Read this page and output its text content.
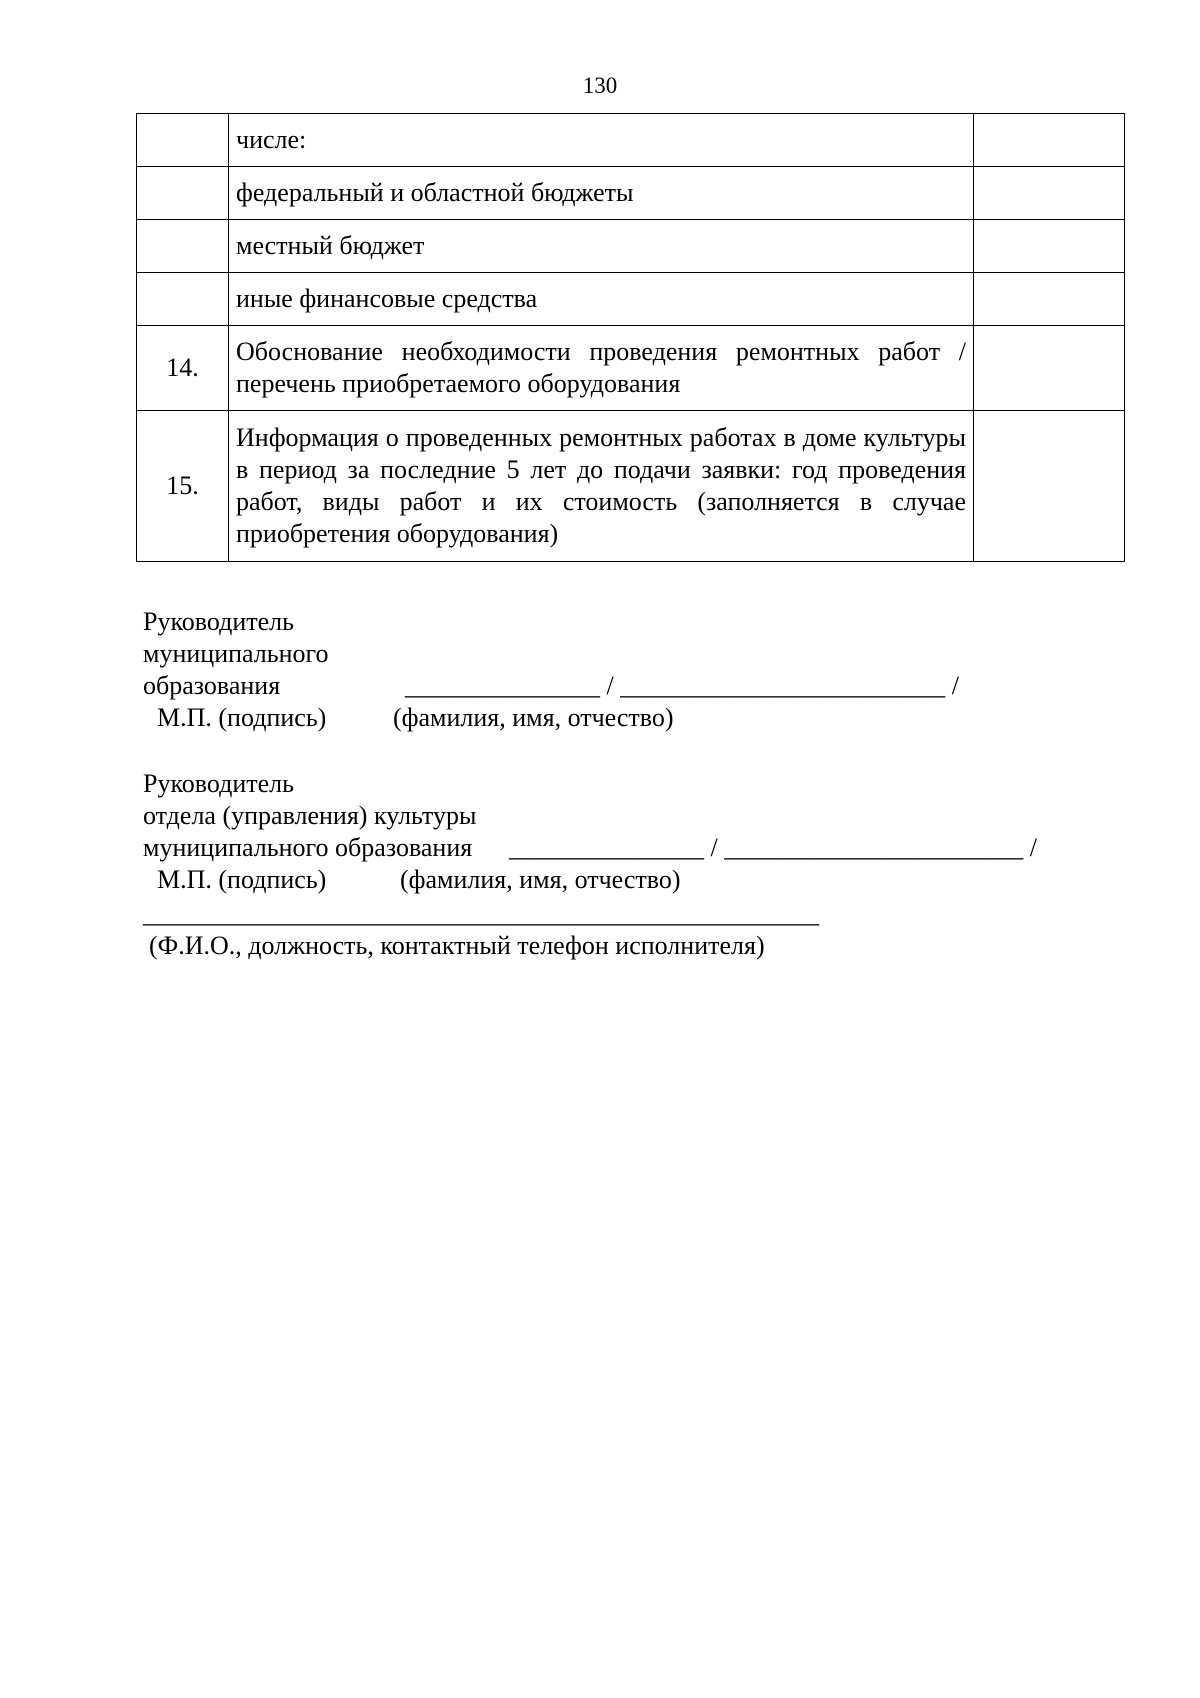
130
	числе:	
	федеральный и областной бюджеты	
	местный бюджет	
	иные финансовые средства	
14.	Обоснование необходимости проведения ремонтных работ / перечень приобретаемого оборудования	
15.	Информация о проведенных ремонтных работах в доме культуры в период за последние 5 лет до подачи заявки: год проведения работ, виды работ и их стоимость (заполняется в случае приобретения оборудования)	
Руководитель
муниципального
образования	_______________ / _________________________ /
М.П. (подпись)	(фамилия, имя, отчество)
Руководитель
отдела (управления) культуры
муниципального образования _______________ / _______________________ /
М.П. (подпись)	(фамилия, имя, отчество)
____________________________________________________
(Ф.И.О., должность, контактный телефон исполнителя)
